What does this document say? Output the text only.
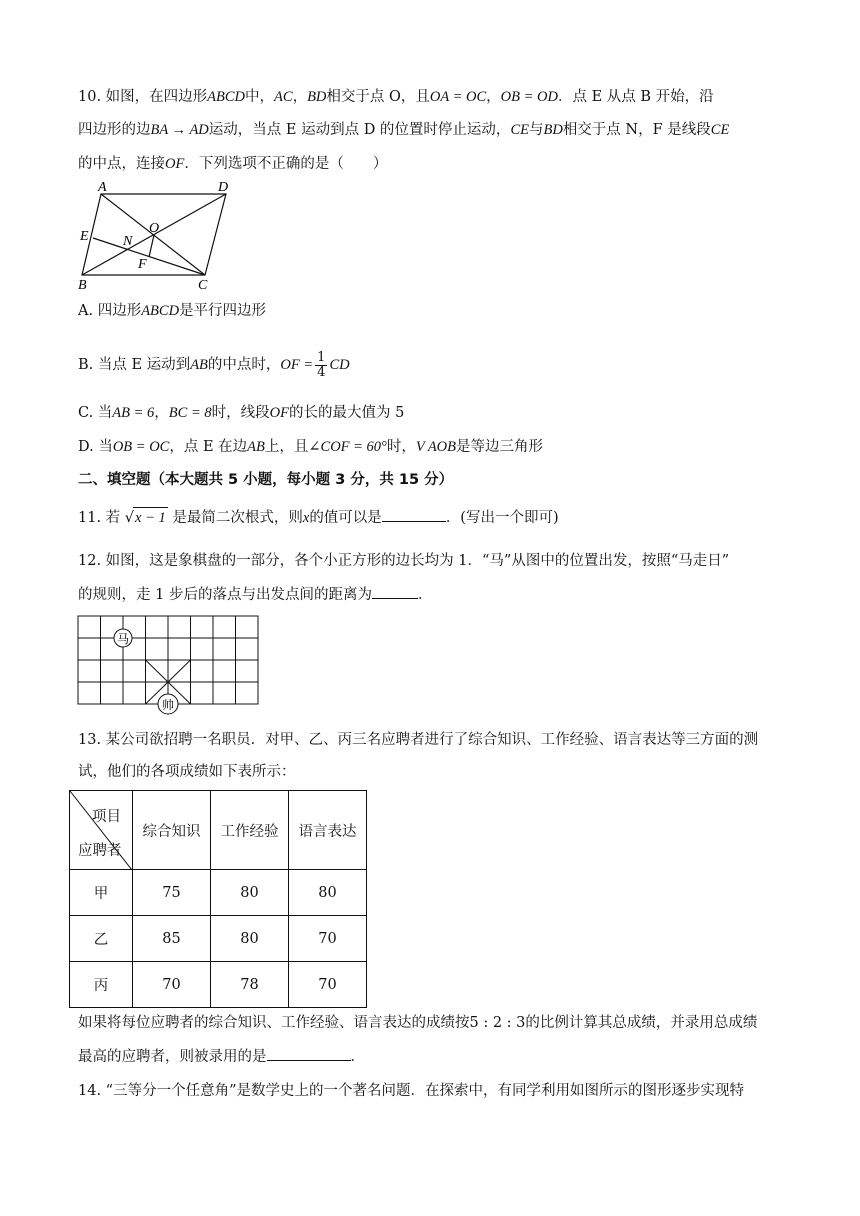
10. 如图，在四边形ABCD中，AC，BD相交于点 O，且OA = OC，OB = OD．点 E 从点 B 开始，沿
四边形的边BA → AD运动，当点 E 运动到点 D 的位置时停止运动，CE与BD相交于点 N，F 是线段CE
的中点，连接OF．下列选项不正确的是（　　）
A	D
E N
O
F
B	C
A. 四边形ABCD是平行四边形
B. 当点 E 运动到AB的中点时，OF = $\frac{1}{4}$ CD
C. 当AB = 6，BC = 8时，线段OF的长的最大值为 5
D. 当OB = OC，点 E 在边AB上，且∠COF = 60°时，V AOB是等边三角形
二、填空题（本大题共 5 小题，每小题 3 分，共 15 分）
11. 若 √x − 1 是最简二次根式，则x的值可以是	．(写出一个即可)
12. 如图，这是象棋盘的一部分，各个小正方形的边长均为 1．“马”从图中的位置出发，按照“马走日”
的规则，走 1 步后的落点与出发点间的距离为	．
马
帅
13. 某公司欲招聘一名职员．对甲、乙、丙三名应聘者进行了综合知识、工作经验、语言表达等三方面的测
试，他们的各项成绩如下表所示：
项目
应聘者	综合知识	工作经验	语言表达
甲	75	80	80
乙	85	80	70
丙	70	78	70
如果将每位应聘者的综合知识、工作经验、语言表达的成绩按5 : 2 : 3的比例计算其总成绩，并录用总成绩
最高的应聘者，则被录用的是	．
14. “三等分一个任意角”是数学史上的一个著名问题．在探索中，有同学利用如图所示的图形逐步实现特
